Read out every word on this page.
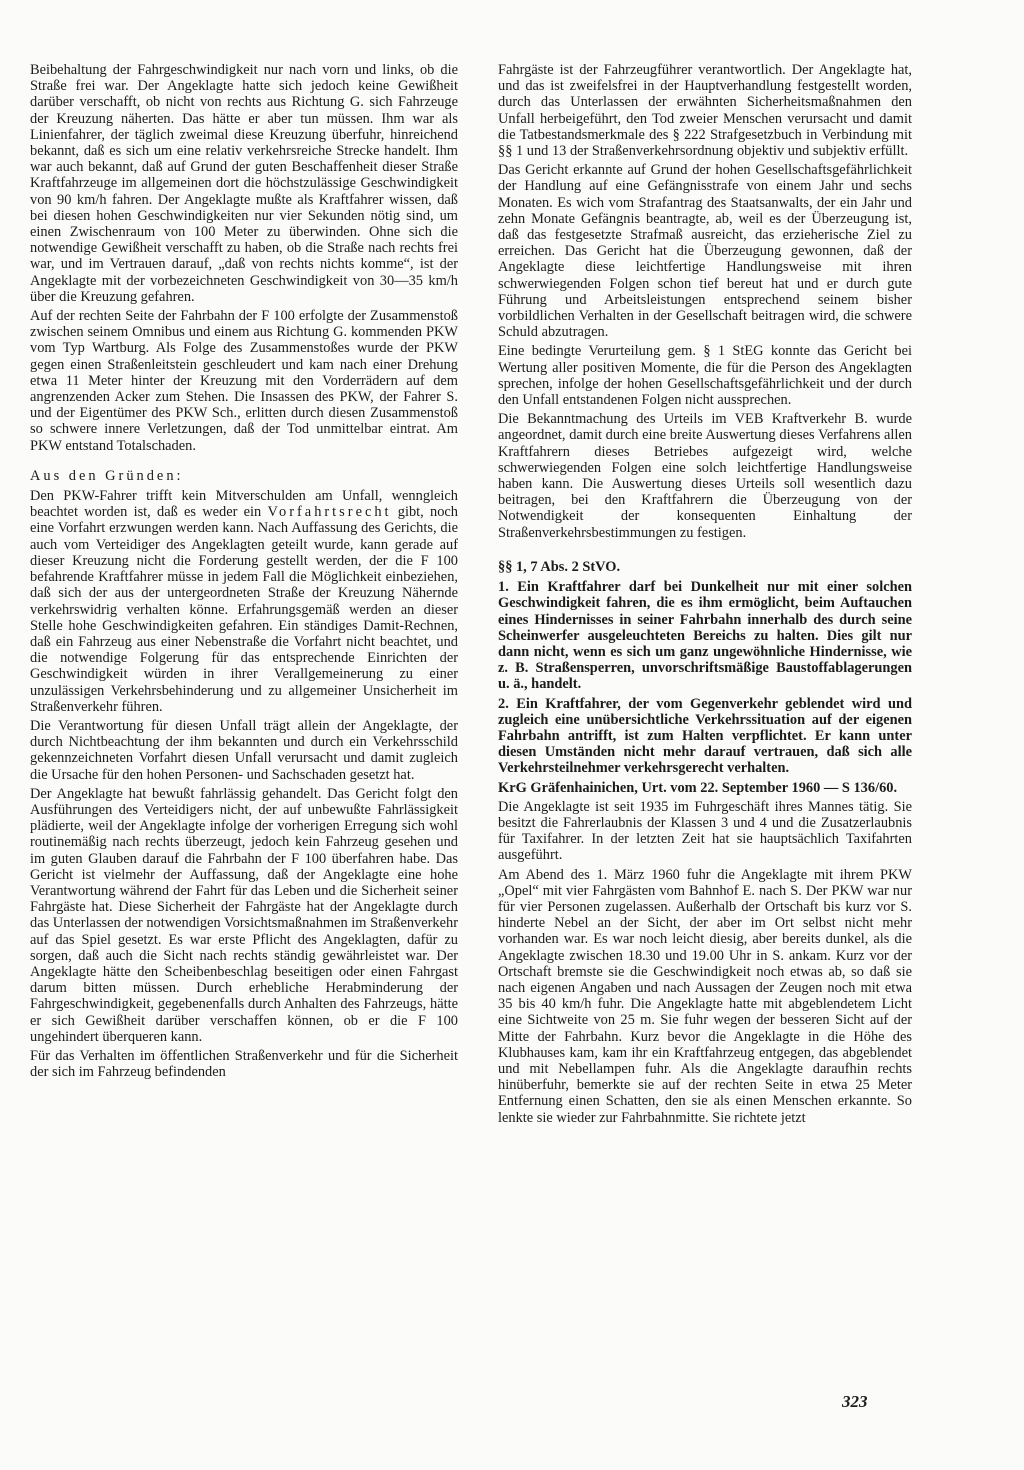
Beibehaltung der Fahrgeschwindigkeit nur nach vorn und links, ob die Straße frei war. Der Angeklagte hatte sich jedoch keine Gewißheit darüber verschafft, ob nicht von rechts aus Richtung G. sich Fahrzeuge der Kreuzung näherten. Das hätte er aber tun müssen. Ihm war als Linienfahrer, der täglich zweimal diese Kreuzung überfuhr, hinreichend bekannt, daß es sich um eine relativ verkehrsreiche Strecke handelt. Ihm war auch bekannt, daß auf Grund der guten Beschaffenheit dieser Straße Kraftfahrzeuge im allgemeinen dort die höchstzulässige Geschwindigkeit von 90 km/h fahren. Der Angeklagte mußte als Kraftfahrer wissen, daß bei diesen hohen Geschwindigkeiten nur vier Sekunden nötig sind, um einen Zwischenraum von 100 Meter zu überwinden. Ohne sich die notwendige Gewißheit verschafft zu haben, ob die Straße nach rechts frei war, und im Vertrauen darauf, „daß von rechts nichts komme“, ist der Angeklagte mit der vorbezeichneten Geschwindigkeit von 30—35 km/h über die Kreuzung gefahren.

Auf der rechten Seite der Fahrbahn der F 100 erfolgte der Zusammenstoß zwischen seinem Omnibus und einem aus Richtung G. kommenden PKW vom Typ Wartburg. Als Folge des Zusammenstoßes wurde der PKW gegen einen Straßenleitstein geschleudert und kam nach einer Drehung etwa 11 Meter hinter der Kreuzung mit den Vorderrädern auf dem angrenzenden Acker zum Stehen. Die Insassen des PKW, der Fahrer S. und der Eigentümer des PKW Sch., erlitten durch diesen Zusammenstoß so schwere innere Verletzungen, daß der Tod unmittelbar eintrat. Am PKW entstand Totalschaden.

Aus den Gründen:

Den PKW-Fahrer trifft kein Mitverschulden am Unfall, wenngleich beachtet worden ist, daß es weder ein Vorfahrtsrecht gibt, noch eine Vorfahrt erzwungen werden kann. Nach Auffassung des Gerichts, die auch vom Verteidiger des Angeklagten geteilt wurde, kann gerade auf dieser Kreuzung nicht die Forderung gestellt werden, der die F 100 befahrende Kraftfahrer müsse in jedem Fall die Möglichkeit einbeziehen, daß sich der aus der untergeordneten Straße der Kreuzung Nähernde verkehrswidrig verhalten könne. Erfahrungsgemäß werden an dieser Stelle hohe Geschwindigkeiten gefahren. Ein ständiges Damit-Rechnen, daß ein Fahrzeug aus einer Nebenstraße die Vorfahrt nicht beachtet, und die notwendige Folgerung für das entsprechende Einrichten der Geschwindigkeit würden in ihrer Verallgemeinerung zu einer unzulässigen Verkehrsbehinderung und zu allgemeiner Unsicherheit im Straßenverkehr führen.

Die Verantwortung für diesen Unfall trägt allein der Angeklagte, der durch Nichtbeachtung der ihm bekannten und durch ein Verkehrsschild gekennzeichneten Vorfahrt diesen Unfall verursacht und damit zugleich die Ursache für den hohen Personen- und Sachschaden gesetzt hat.

Der Angeklagte hat bewußt fahrlässig gehandelt. Das Gericht folgt den Ausführungen des Verteidigers nicht, der auf unbewußte Fahrlässigkeit plädierte, weil der Angeklagte infolge der vorherigen Erregung sich wohl routinemäßig nach rechts überzeugt, jedoch kein Fahrzeug gesehen und im guten Glauben darauf die Fahrbahn der F 100 überfahren habe. Das Gericht ist vielmehr der Auffassung, daß der Angeklagte eine hohe Verantwortung während der Fahrt für das Leben und die Sicherheit seiner Fahrgäste hat. Diese Sicherheit der Fahrgäste hat der Angeklagte durch das Unterlassen der notwendigen Vorsichtsmaßnahmen im Straßenverkehr auf das Spiel gesetzt. Es war erste Pflicht des Angeklagten, dafür zu sorgen, daß auch die Sicht nach rechts ständig gewährleistet war. Der Angeklagte hätte den Scheibenbeschlag beseitigen oder einen Fahrgast darum bitten müssen. Durch erhebliche Herabminderung der Fahrgeschwindigkeit, gegebenenfalls durch Anhalten des Fahrzeugs, hätte er sich Gewißheit darüber verschaffen können, ob er die F 100 ungehindert überqueren kann.

Für das Verhalten im öffentlichen Straßenverkehr und für die Sicherheit der sich im Fahrzeug befindenden

Fahrgäste ist der Fahrzeugführer verantwortlich. Der Angeklagte hat, und das ist zweifelsfrei in der Hauptverhandlung festgestellt worden, durch das Unterlassen der erwähnten Sicherheitsmaßnahmen den Unfall herbeigeführt, den Tod zweier Menschen verursacht und damit die Tatbestandsmerkmale des § 222 Strafgesetzbuch in Verbindung mit §§ 1 und 13 der Straßenverkehrsordnung objektiv und subjektiv erfüllt.

Das Gericht erkannte auf Grund der hohen Gesellschaftsgefährlichkeit der Handlung auf eine Gefängnisstrafe von einem Jahr und sechs Monaten. Es wich vom Strafantrag des Staatsanwalts, der ein Jahr und zehn Monate Gefängnis beantragte, ab, weil es der Überzeugung ist, daß das festgesetzte Strafmaß ausreicht, das erzieherische Ziel zu erreichen. Das Gericht hat die Überzeugung gewonnen, daß der Angeklagte diese leichtfertige Handlungsweise mit ihren schwerwiegenden Folgen schon tief bereut hat und er durch gute Führung und Arbeitsleistungen entsprechend seinem bisher vorbildlichen Verhalten in der Gesellschaft beitragen wird, die schwere Schuld abzutragen.

Eine bedingte Verurteilung gem. § 1 StEG konnte das Gericht bei Wertung aller positiven Momente, die für die Person des Angeklagten sprechen, infolge der hohen Gesellschaftsgefährlichkeit und der durch den Unfall entstandenen Folgen nicht aussprechen.

Die Bekanntmachung des Urteils im VEB Kraftverkehr B. wurde angeordnet, damit durch eine breite Auswertung dieses Verfahrens allen Kraftfahrern dieses Betriebes aufgezeigt wird, welche schwerwiegenden Folgen eine solch leichtfertige Handlungsweise haben kann. Die Auswertung dieses Urteils soll wesentlich dazu beitragen, bei den Kraftfahrern die Überzeugung von der Notwendigkeit der konsequenten Einhaltung der Straßenverkehrsbestimmungen zu festigen.

§§ 1, 7 Abs. 2 StVO.

1. Ein Kraftfahrer darf bei Dunkelheit nur mit einer solchen Geschwindigkeit fahren, die es ihm ermöglicht, beim Auftauchen eines Hindernisses in seiner Fahrbahn innerhalb des durch seine Scheinwerfer ausgeleuchteten Bereichs zu halten. Dies gilt nur dann nicht, wenn es sich um ganz ungewöhnliche Hindernisse, wie z. B. Straßensperren, unvorschriftsmäßige Baustoffablagerungen u. ä., handelt.

2. Ein Kraftfahrer, der vom Gegenverkehr geblendet wird und zugleich eine unübersichtliche Verkehrssituation auf der eigenen Fahrbahn antrifft, ist zum Halten verpflichtet. Er kann unter diesen Umständen nicht mehr darauf vertrauen, daß sich alle Verkehrsteilnehmer verkehrsgerecht verhalten.

KrG Gräfenhainichen, Urt. vom 22. September 1960 — S 136/60.

Die Angeklagte ist seit 1935 im Fuhrgeschäft ihres Mannes tätig. Sie besitzt die Fahrerlaubnis der Klassen 3 und 4 und die Zusatzerlaubnis für Taxifahrer. In der letzten Zeit hat sie hauptsächlich Taxifahrten ausgeführt.

Am Abend des 1. März 1960 fuhr die Angeklagte mit ihrem PKW „Opel“ mit vier Fahrgästen vom Bahnhof E. nach S. Der PKW war nur für vier Personen zugelassen. Außerhalb der Ortschaft bis kurz vor S. hinderte Nebel an der Sicht, der aber im Ort selbst nicht mehr vorhanden war. Es war noch leicht diesig, aber bereits dunkel, als die Angeklagte zwischen 18.30 und 19.00 Uhr in S. ankam. Kurz vor der Ortschaft bremste sie die Geschwindigkeit noch etwas ab, so daß sie nach eigenen Angaben und nach Aussagen der Zeugen noch mit etwa 35 bis 40 km/h fuhr. Die Angeklagte hatte mit abgeblendetem Licht eine Sichtweite von 25 m. Sie fuhr wegen der besseren Sicht auf der Mitte der Fahrbahn. Kurz bevor die Angeklagte in die Höhe des Klubhauses kam, kam ihr ein Kraftfahrzeug entgegen, das abgeblendet und mit Nebellampen fuhr. Als die Angeklagte daraufhin rechts hinüberfuhr, bemerkte sie auf der rechten Seite in etwa 25 Meter Entfernung einen Schatten, den sie als einen Menschen erkannte. So lenkte sie wieder zur Fahrbahnmitte. Sie richtete jetzt

323
